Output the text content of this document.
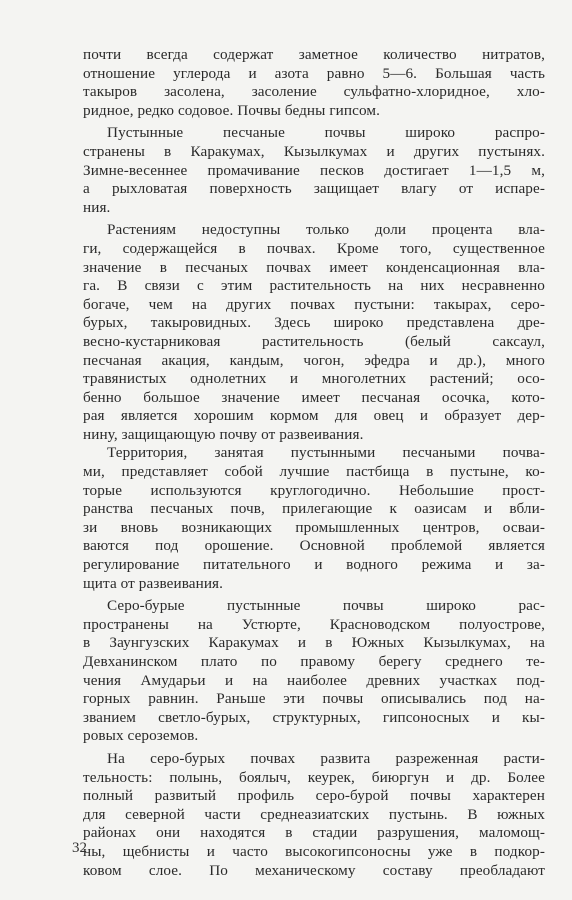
почти всегда содержат заметное количество нитратов,
отношение углерода и азота равно 5—6. Большая часть
такыров засолена, засоление сульфатно-хлоридное, хло-
ридное, редко содовое. Почвы бедны гипсом.
Пустынные песчаные почвы широко распро-
странены в Каракумах, Кызылкумах и других пустынях.
Зимне-весеннее промачивание песков достигает 1—1,5 м,
а рыхловатая поверхность защищает влагу от испаре-
ния.
Растениям недоступны только доли процента вла-
ги, содержащейся в почвах. Кроме того, существенное
значение в песчаных почвах имеет конденсационная вла-
га. В связи с этим растительность на них несравненно
богаче, чем на других почвах пустыни: такырах, серо-
бурых, такыровидных. Здесь широко представлена дре-
весно-кустарниковая растительность (белый саксаул,
песчаная акация, кандым, чогон, эфедра и др.), много
травянистых однолетних и многолетних растений; осо-
бенно большое значение имеет песчаная осочка, кото-
рая является хорошим кормом для овец и образует дер-
нину, защищающую почву от развеивания.
Территория, занятая пустынными песчаными почва-
ми, представляет собой лучшие пастбища в пустыне, ко-
торые используются круглогодично. Небольшие прост-
ранства песчаных почв, прилегающие к оазисам и вбли-
зи вновь возникающих промышленных центров, осваи-
ваются под орошение. Основной проблемой является
регулирование питательного и водного режима и за-
щита от развеивания.
Серо-бурые пустынные почвы широко рас-
пространены на Устюрте, Красноводском полуострове,
в Заунгузских Каракумах и в Южных Кызылкумах, на
Девханинском плато по правому берегу среднего те-
чения Амударьи и на наиболее древних участках под-
горных равнин. Раньше эти почвы описывались под на-
званием светло-бурых, структурных, гипсоносных и кы-
ровых сероземов.
На серо-бурых почвах развита разреженная расти-
тельность: полынь, боялыч, кеурек, биюргун и др. Более
полный развитый профиль серо-бурой почвы характерен
для северной части среднеазиатских пустынь. В южных
районах они находятся в стадии разрушения, маломощ-
ны, щебнисты и часто высокогипсоносны уже в подкор-
ковом слое. По механическому составу преобладают
32
